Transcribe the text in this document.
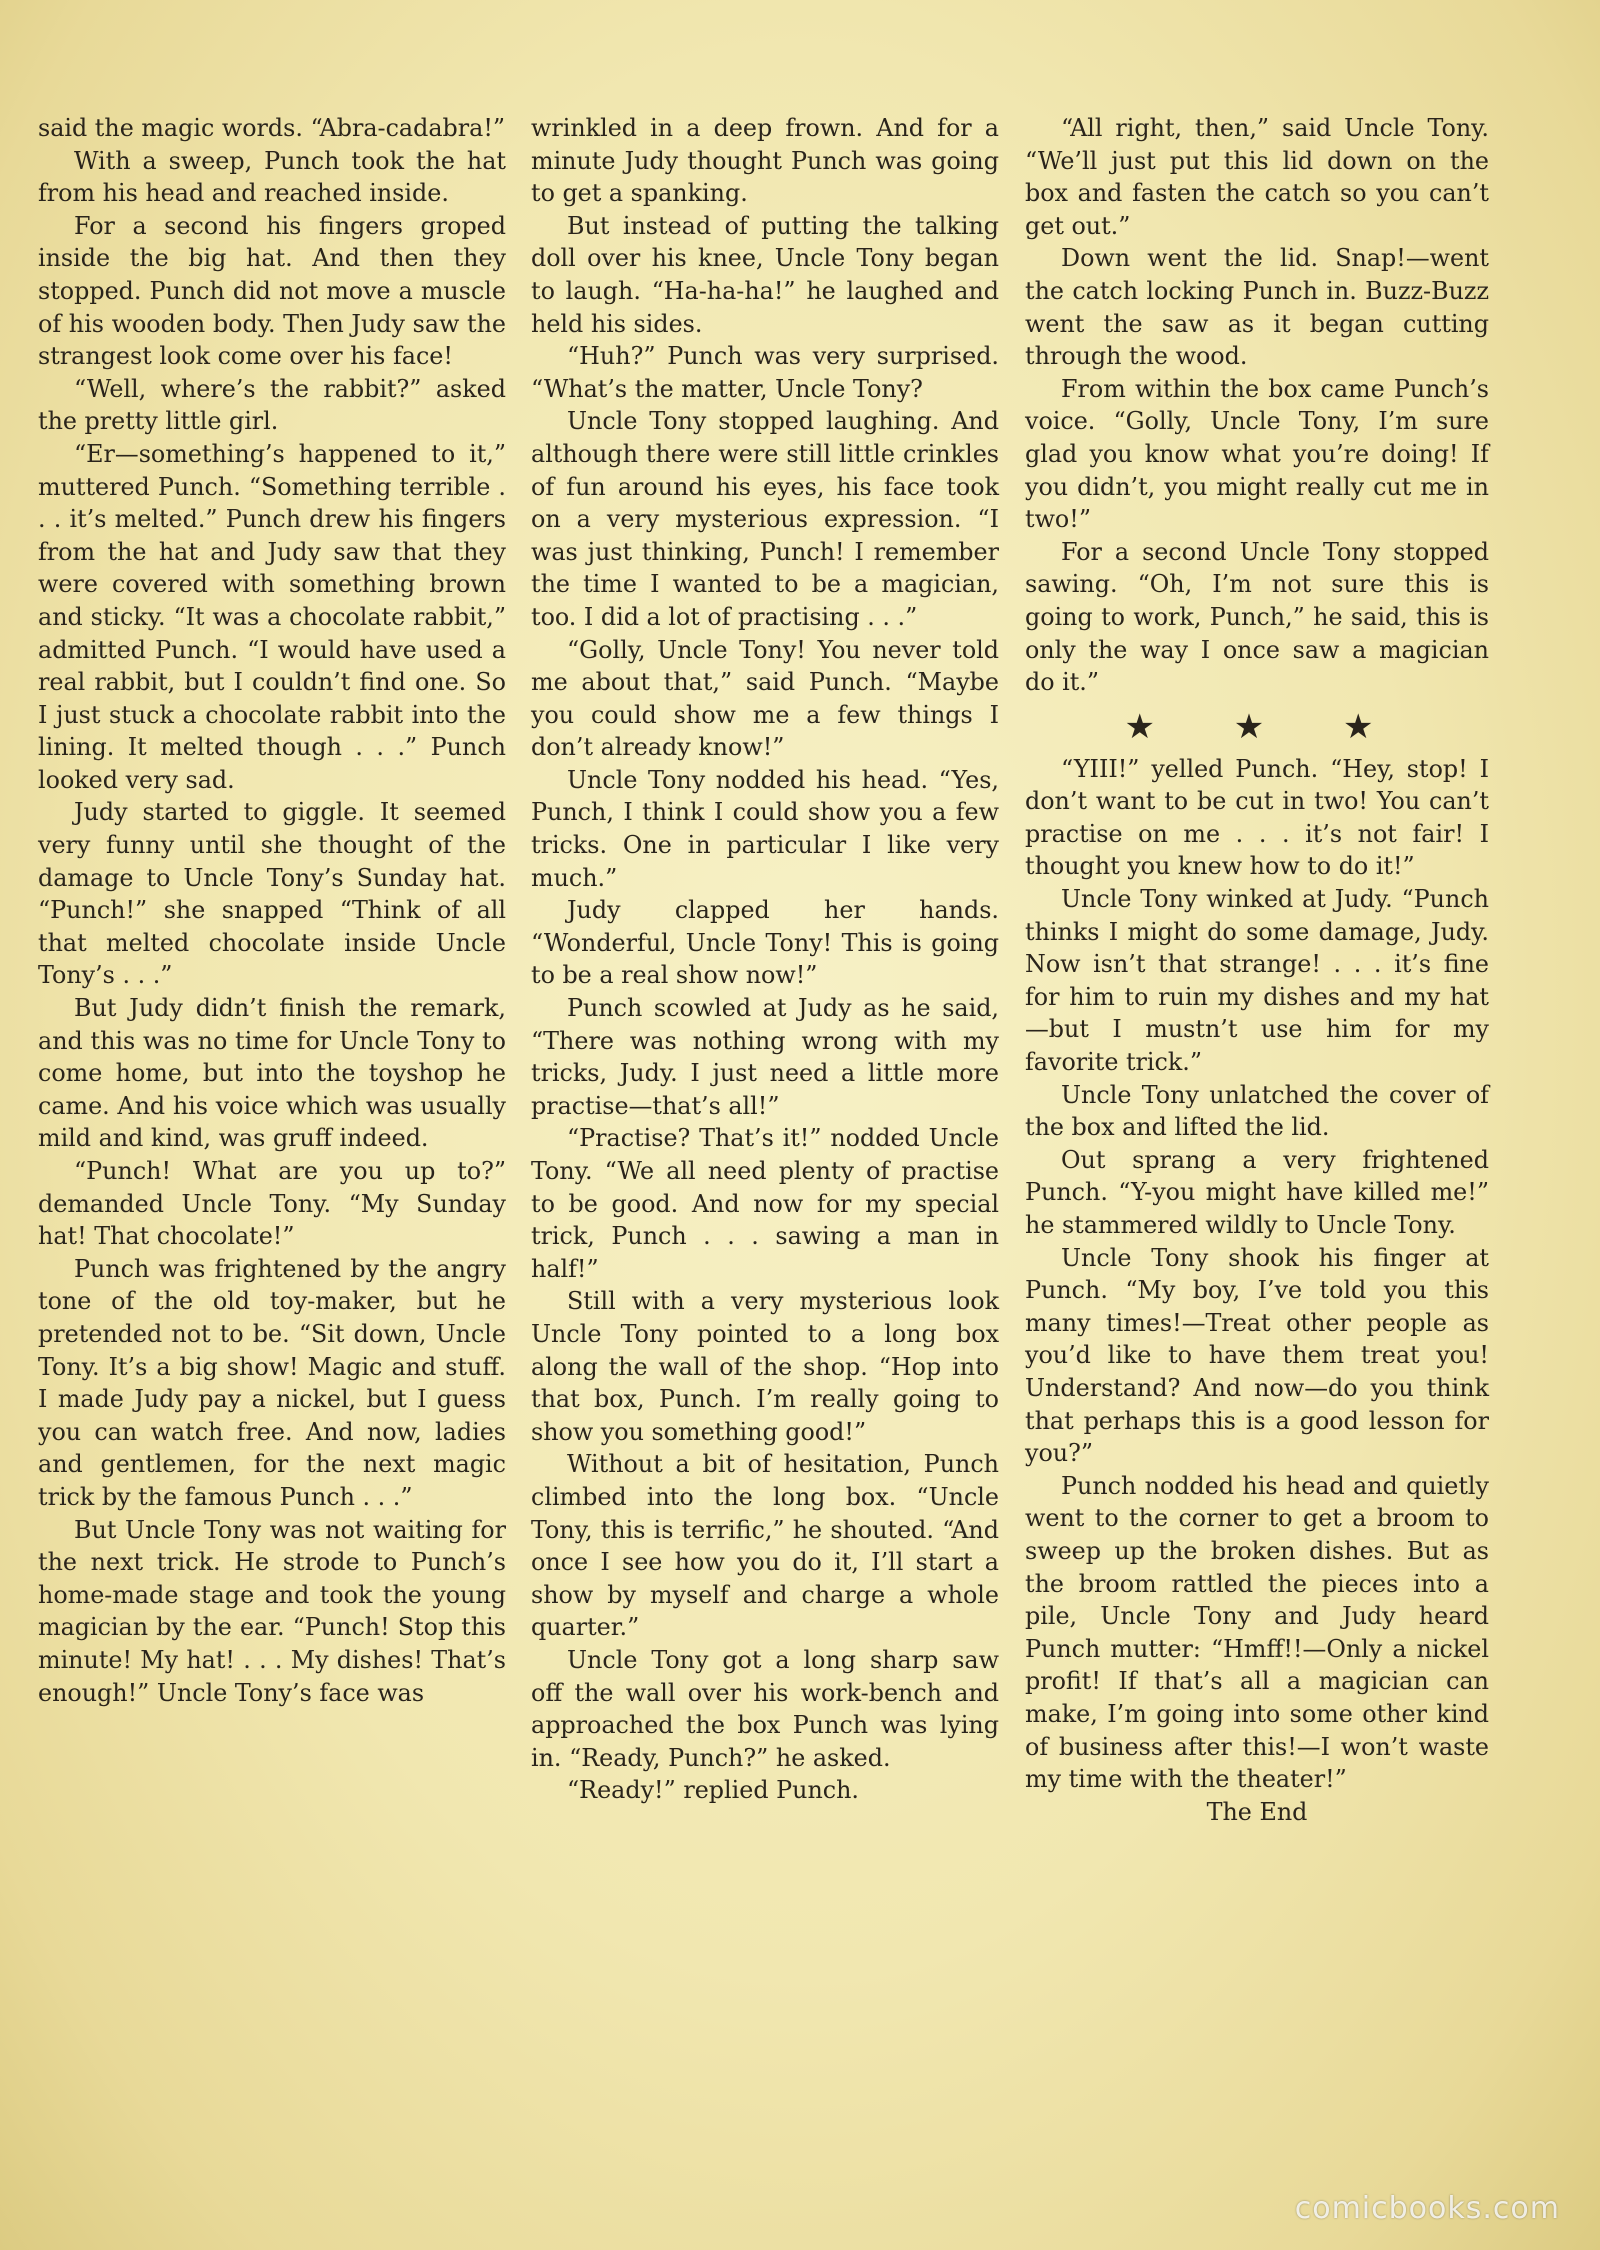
said the magic words. “Abra-cadabra!”

With a sweep, Punch took the hat from his head and reached inside.

For a second his fingers groped inside the big hat. And then they stopped. Punch did not move a muscle of his wooden body. Then Judy saw the strangest look come over his face!

“Well, where’s the rabbit?” asked the pretty little girl.

“Er—something’s happened to it,” muttered Punch. “Something terrible . . . it’s melted.” Punch drew his fingers from the hat and Judy saw that they were covered with something brown and sticky. “It was a chocolate rabbit,” admitted Punch. “I would have used a real rabbit, but I couldn’t find one. So I just stuck a chocolate rabbit into the lining. It melted though . . .” Punch looked very sad.

Judy started to giggle. It seemed very funny until she thought of the damage to Uncle Tony’s Sunday hat. “Punch!” she snapped “Think of all that melted chocolate inside Uncle Tony’s . . .”

But Judy didn’t finish the remark, and this was no time for Uncle Tony to come home, but into the toyshop he came. And his voice which was usually mild and kind, was gruff indeed.

“Punch! What are you up to?” demanded Uncle Tony. “My Sunday hat! That chocolate!”

Punch was frightened by the angry tone of the old toy-maker, but he pretended not to be. “Sit down, Uncle Tony. It’s a big show! Magic and stuff. I made Judy pay a nickel, but I guess you can watch free. And now, ladies and gentlemen, for the next magic trick by the famous Punch . . .”

But Uncle Tony was not waiting for the next trick. He strode to Punch’s home-made stage and took the young magician by the ear. “Punch! Stop this minute! My hat! . . . My dishes! That’s enough!” Uncle Tony’s face was

wrinkled in a deep frown. And for a minute Judy thought Punch was going to get a spanking.

But instead of putting the talking doll over his knee, Uncle Tony began to laugh. “Ha-ha-ha!” he laughed and held his sides.

“Huh?” Punch was very surprised. “What’s the matter, Uncle Tony?

Uncle Tony stopped laughing. And although there were still little crinkles of fun around his eyes, his face took on a very mysterious expression. “I was just thinking, Punch! I remember the time I wanted to be a magician, too. I did a lot of practising . . .”

“Golly, Uncle Tony! You never told me about that,” said Punch. “Maybe you could show me a few things I don’t already know!”

Uncle Tony nodded his head. “Yes, Punch, I think I could show you a few tricks. One in particular I like very much.”

Judy clapped her hands. “Wonderful, Uncle Tony! This is going to be a real show now!”

Punch scowled at Judy as he said, “There was nothing wrong with my tricks, Judy. I just need a little more practise—that’s all!”

“Practise? That’s it!” nodded Uncle Tony. “We all need plenty of practise to be good. And now for my special trick, Punch . . . sawing a man in half!”

Still with a very mysterious look Uncle Tony pointed to a long box along the wall of the shop. “Hop into that box, Punch. I’m really going to show you something good!”

Without a bit of hesitation, Punch climbed into the long box. “Uncle Tony, this is terrific,” he shouted. “And once I see how you do it, I’ll start a show by myself and charge a whole quarter.”

Uncle Tony got a long sharp saw off the wall over his work-bench and approached the box Punch was lying in. “Ready, Punch?” he asked.

“Ready!” replied Punch.

“All right, then,” said Uncle Tony. “We’ll just put this lid down on the box and fasten the catch so you can’t get out.”

Down went the lid. Snap!—went the catch locking Punch in. Buzz-Buzz went the saw as it began cutting through the wood.

From within the box came Punch’s voice. “Golly, Uncle Tony, I’m sure glad you know what you’re doing! If you didn’t, you might really cut me in two!”

For a second Uncle Tony stopped sawing. “Oh, I’m not sure this is going to work, Punch,” he said, this is only the way I once saw a magician do it.”

★ ★ ★

“YIII!” yelled Punch. “Hey, stop! I don’t want to be cut in two! You can’t practise on me . . . it’s not fair! I thought you knew how to do it!”

Uncle Tony winked at Judy. “Punch thinks I might do some damage, Judy. Now isn’t that strange! . . . it’s fine for him to ruin my dishes and my hat—but I mustn’t use him for my favorite trick.”

Uncle Tony unlatched the cover of the box and lifted the lid.

Out sprang a very frightened Punch. “Y-you might have killed me!” he stammered wildly to Uncle Tony.

Uncle Tony shook his finger at Punch. “My boy, I’ve told you this many times!—Treat other people as you’d like to have them treat you! Understand? And now—do you think that perhaps this is a good lesson for you?”

Punch nodded his head and quietly went to the corner to get a broom to sweep up the broken dishes. But as the broom rattled the pieces into a pile, Uncle Tony and Judy heard Punch mutter: “Hmff!!—Only a nickel profit! If that’s all a magician can make, I’m going into some other kind of business after this!—I won’t waste my time with the theater!”

The End

comicbooks.com
